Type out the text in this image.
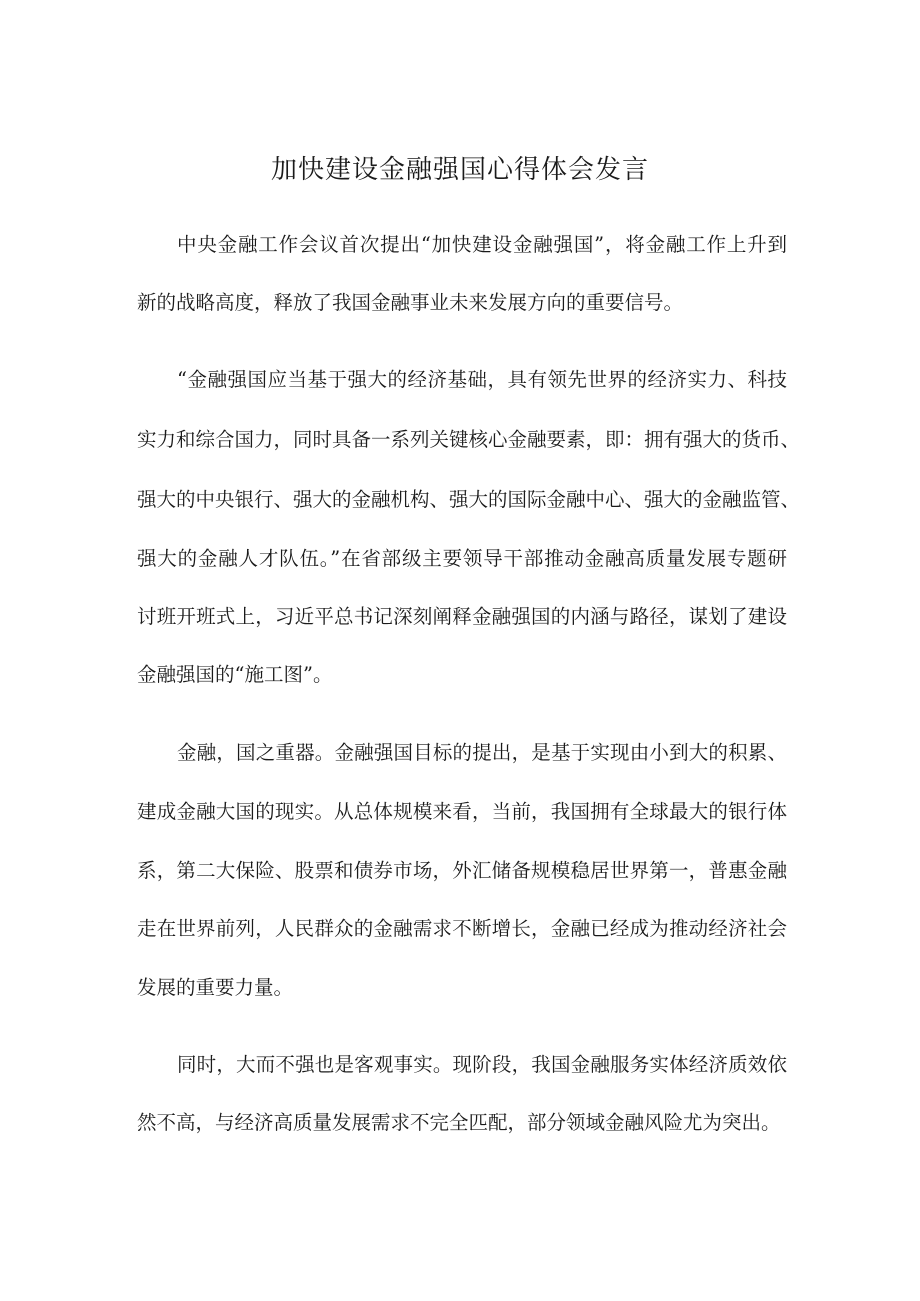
加快建设金融强国心得体会发言
中央金融工作会议首次提出“加快建设金融强国”，将金融工作上升到
新的战略高度，释放了我国金融事业未来发展方向的重要信号。
“金融强国应当基于强大的经济基础，具有领先世界的经济实力、科技
实力和综合国力，同时具备一系列关键核心金融要素，即：拥有强大的货币、
强大的中央银行、强大的金融机构、强大的国际金融中心、强大的金融监管、
强大的金融人才队伍。”在省部级主要领导干部推动金融高质量发展专题研
讨班开班式上，习近平总书记深刻阐释金融强国的内涵与路径，谋划了建设
金融强国的“施工图”。
金融，国之重器。金融强国目标的提出，是基于实现由小到大的积累、
建成金融大国的现实。从总体规模来看，当前，我国拥有全球最大的银行体
系，第二大保险、股票和债券市场，外汇储备规模稳居世界第一，普惠金融
走在世界前列，人民群众的金融需求不断增长，金融已经成为推动经济社会
发展的重要力量。
同时，大而不强也是客观事实。现阶段，我国金融服务实体经济质效依
然不高，与经济高质量发展需求不完全匹配，部分领域金融风险尤为突出。
